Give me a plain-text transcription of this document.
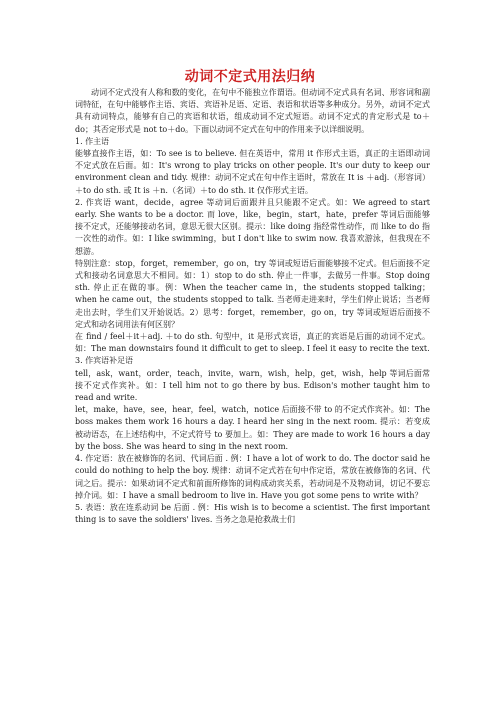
动词不定式用法归纳

动词不定式没有人称和数的变化，在句中不能独立作谓语。但动词不定式具有名词、形容词和副词特征，在句中能够作主语、宾语、宾语补足语、定语、表语和状语等多种成分。另外，动词不定式具有动词特点，能够有自己的宾语和状语，组成动词不定式短语。动词不定式的肯定形式是 to＋do；其否定形式是 not to＋do。下面以动词不定式在句中的作用来予以详细说明。

1. 作主语

能够直接作主语，如：To see is to believe. 但在英语中，常用 it 作形式主语，真正的主语即动词不定式放在后面。如：It's wrong to play tricks on other people. It's our duty to keep our environment clean and tidy. 规律：动词不定式在句中作主语时，常放在 It is ＋adj.（形容词）＋to do sth. 或 It is ＋n.（名词）＋to do sth. it 仅作形式主语。

2. 作宾语 want，decide，agree 等动词后面跟并且只能跟不定式。如：We agreed to start early. She wants to be a doctor. 而 love，like，begin，start，hate，prefer 等词后面能够接不定式，还能够接动名词，意思无很大区别。提示：like doing 指经常性动作，而 like to do 指一次性的动作。如：I like swimming，but I don't like to swim now. 我喜欢游泳，但我现在不想游。

特别注意：stop，forget，remember，go on，try 等词或短语后面能够接不定式。但后面接不定式和接动名词意思大不相同。如：1）stop to do sth. 停止一件事，去做另一件事。Stop doing sth. 停止正在做的事。例：When the teacher came in，the students stopped talking；when he came out，the students stopped to talk. 当老师走进来时，学生们停止说话；当老师走出去时，学生们又开始说话。2）思考：forget，remember，go on，try 等词或短语后面接不定式和动名词用法有何区别？

在 find / feel＋it＋adj. ＋to do sth. 句型中，it 是形式宾语，真正的宾语是后面的动词不定式。如：The man downstairs found it difficult to get to sleep. I feel it easy to recite the text.

3. 作宾语补足语

tell，ask，want，order，teach，invite，warn，wish，help，get，wish，help 等词后面常接不定式作宾补。如：I tell him not to go there by bus. Edison's mother taught him to read and write.

let，make，have，see，hear，feel，watch，notice 后面接不带 to 的不定式作宾补。如：The boss makes them work 16 hours a day. I heard her sing in the next room. 提示：若变成被动语态，在上述结构中，不定式符号 to 要加上。如：They are made to work 16 hours a day by the boss. She was heard to sing in the next room.

4. 作定语：放在被修饰的名词、代词后面 . 例：I have a lot of work to do. The doctor said he could do nothing to help the boy. 规律：动词不定式若在句中作定语，常放在被修饰的名词、代词之后。提示：如果动词不定式和前面所修饰的词构成动宾关系，若动词是不及物动词，切记不要忘掉介词。如：I have a small bedroom to live in. Have you got some pens to write with？

5. 表语：放在连系动词 be 后面 . 例：His wish is to become a scientist. The first important thing is to save the soldiers' lives. 当务之急是抢救战士们
